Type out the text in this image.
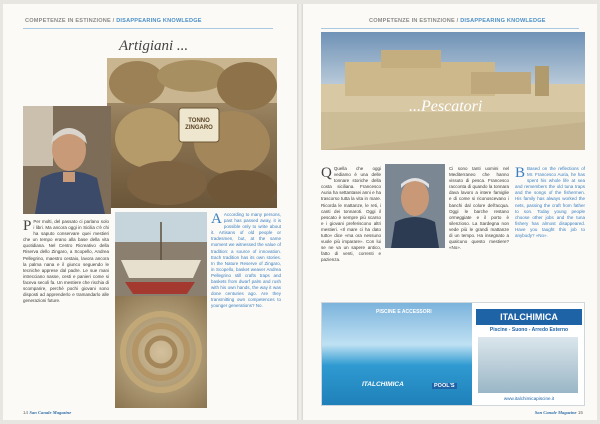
COMPETENZE IN ESTINZIONE / DISAPPEARING KNOWLEDGE
Artigiani ...
TONNO ZINGARO
P Per molti, del passato ci parlano solo i libri. Ma ancora oggi in Sicilia c'è chi ha saputo conservare quei mestieri che un tempo erano alla base della vita quotidiana. Nel Centro Ricreativo della Riserva dello Zingaro, a Scopello, Andrea Pellegrino, maestro cestaio, lavora ancora la palma nana e il giunco seguendo le tecniche apprese dal padre. Le sue mani intrecciano nasse, cesti e panieri come si faceva secoli fa. Un mestiere che rischia di scomparire, perché pochi giovani sono disposti ad apprenderlo e tramandarlo alle generazioni future.
A According to many persons, past has passed away, it is possible only to write about it. Artisans of old people or tradesmen, but, at the same moment we witnessed the value of tradition: a source of innovation. Each tradition has its own stories. In the Nature Reserve of Zingaro, in Scopello, basket weaver Andrea Pellegrino still crafts traps and baskets from dwarf palm and rush with his own hands, the way it was done centuries ago. Are they transmitting own competences to younger generations? No.
14 San Canale Magazine
COMPETENZE IN ESTINZIONE / DISAPPEARING KNOWLEDGE
...Pescatori
Q Quella che oggi vediamo è una delle tonnare storiche della costa siciliana. Francesco Auria ha settantasei anni e ha trascorso tutta la vita in mare. Ricorda le mattanze, le reti, i canti dei tonnaroti. Oggi il pescato è sempre più scarso e i giovani preferiscono altri mestieri. «Il mare ci ha dato tutto» dice «ma ora nessuno vuole più imparare». Con lui se ne va un sapere antico, fatto di venti, correnti e pazienza.
Ci sono tanti uomini nel Mediterraneo che hanno vissuto di pesca. Francesco racconta di quando la tonnara dava lavoro a intere famiglie e di come si riconoscevano i banchi dal colore dell'acqua. Oggi le barche restano ormeggiate e il porto è silenzioso. La Sardegna non vede più le grandi mattanze di un tempo. Ha insegnato a qualcuno questo mestiere? «No».
B Based on the reflections of Mr. Francesco Auria, he has spent his whole life at sea and remembers the old tuna traps and the songs of the fishermen. His family has always worked the nets, passing the craft from father to son. Today young people choose other jobs and the tuna fishery has almost disappeared. Have you taught this job to anybody? «No».
PISCINE E ACCESSORI
ITALCHIMICA	POOL'S
ITALCHIMICA
Piscine - Suono - Arredo Esterno
www.italchimicapiscine.it
San Canale Magazine 15
